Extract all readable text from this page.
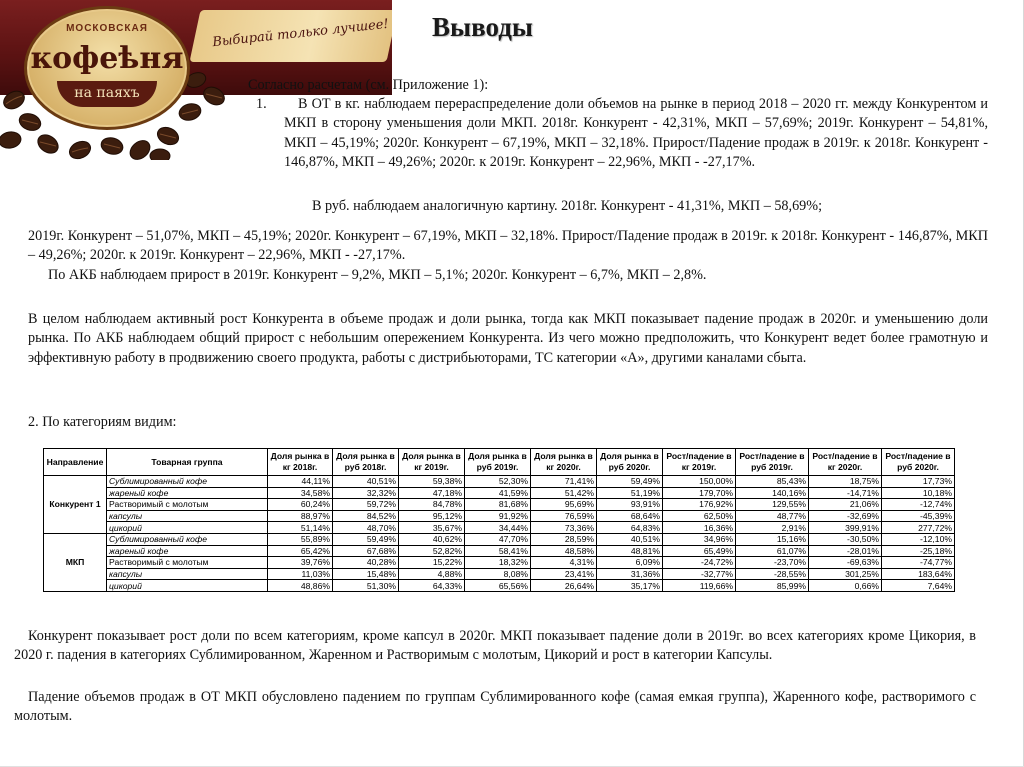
Выбирай только лучшее!
МОСКОВСКАЯ
кофеѣня
на паяхъ
Выводы
Согласно расчетам (см. Приложение 1):
1.	В ОТ в кг. наблюдаем перераспределение доли объемов на рынке в период 2018 – 2020 гг. между Конкурентом и МКП в сторону уменьшения доли МКП. 2018г. Конкурент - 42,31%, МКП – 57,69%; 2019г. Конкурент – 54,81%, МКП – 45,19%; 2020г. Конкурент – 67,19%, МКП – 32,18%. Прирост/Падение продаж в 2019г. к 2018г. Конкурент - 146,87%, МКП – 49,26%; 2020г. к 2019г. Конкурент – 22,96%, МКП - -27,17%.
В руб. наблюдаем аналогичную картину. 2018г. Конкурент - 41,31%, МКП – 58,69%;
2019г. Конкурент – 51,07%, МКП – 45,19%; 2020г. Конкурент – 67,19%, МКП – 32,18%. Прирост/Падение продаж в 2019г. к 2018г. Конкурент - 146,87%, МКП – 49,26%; 2020г. к 2019г. Конкурент – 22,96%, МКП - -27,17%.
По АКБ наблюдаем прирост в 2019г. Конкурент – 9,2%, МКП – 5,1%; 2020г. Конкурент – 6,7%, МКП – 2,8%.
В целом наблюдаем активный рост Конкурента в объеме продаж и доли рынка, тогда как МКП показывает падение продаж в 2020г. и уменьшению доли рынка. По АКБ наблюдаем общий прирост с небольшим опережением Конкурента. Из чего можно предположить, что Конкурент ведет более грамотную и эффективную работу в продвижению своего продукта, работы с дистрибьюторами, ТС категории «А», другими каналами сбыта.
2. По категориям видим:
Направление	Товарная группа	Доля рынка в кг 2018г.	Доля рынка в руб 2018г.	Доля рынка в кг 2019г.	Доля рынка в руб 2019г.	Доля рынка в кг 2020г.	Доля рынка в руб 2020г.	Рост/падение в кг 2019г.	Рост/падение в руб 2019г.	Рост/падение в кг 2020г.	Рост/падение в руб 2020г.
Конкурент 1	Сублимированный кофе	44,11%	40,51%	59,38%	52,30%	71,41%	59,49%	150,00%	85,43%	18,75%	17,73%
	жареный кофе	34,58%	32,32%	47,18%	41,59%	51,42%	51,19%	179,70%	140,16%	-14,71%	10,18%
	Растворимый с молотым	60,24%	59,72%	84,78%	81,68%	95,69%	93,91%	176,92%	129,55%	21,06%	-12,74%
	капсулы	88,97%	84,52%	95,12%	91,92%	76,59%	68,64%	62,50%	48,77%	-32,69%	-45,39%
	цикорий	51,14%	48,70%	35,67%	34,44%	73,36%	64,83%	16,36%	2,91%	399,91%	277,72%
МКП	Сублимированный кофе	55,89%	59,49%	40,62%	47,70%	28,59%	40,51%	34,96%	15,16%	-30,50%	-12,10%
	жареный кофе	65,42%	67,68%	52,82%	58,41%	48,58%	48,81%	65,49%	61,07%	-28,01%	-25,18%
	Растворимый с молотым	39,76%	40,28%	15,22%	18,32%	4,31%	6,09%	-24,72%	-23,70%	-69,63%	-74,77%
	капсулы	11,03%	15,48%	4,88%	8,08%	23,41%	31,36%	-32,77%	-28,55%	301,25%	183,64%
	цикорий	48,86%	51,30%	64,33%	65,56%	26,64%	35,17%	119,66%	85,99%	0,66%	7,64%
Конкурент показывает рост доли по всем категориям, кроме капсул в 2020г. МКП показывает падение доли в 2019г. во всех категориях кроме Цикория, в 2020 г. падения в категориях Сублимированном, Жаренном и Растворимым с молотым, Цикорий и рост в категории Капсулы.
Падение объемов продаж в ОТ МКП обусловлено падением по группам Сублимированного кофе (самая емкая группа), Жаренного кофе, растворимого с молотым.
